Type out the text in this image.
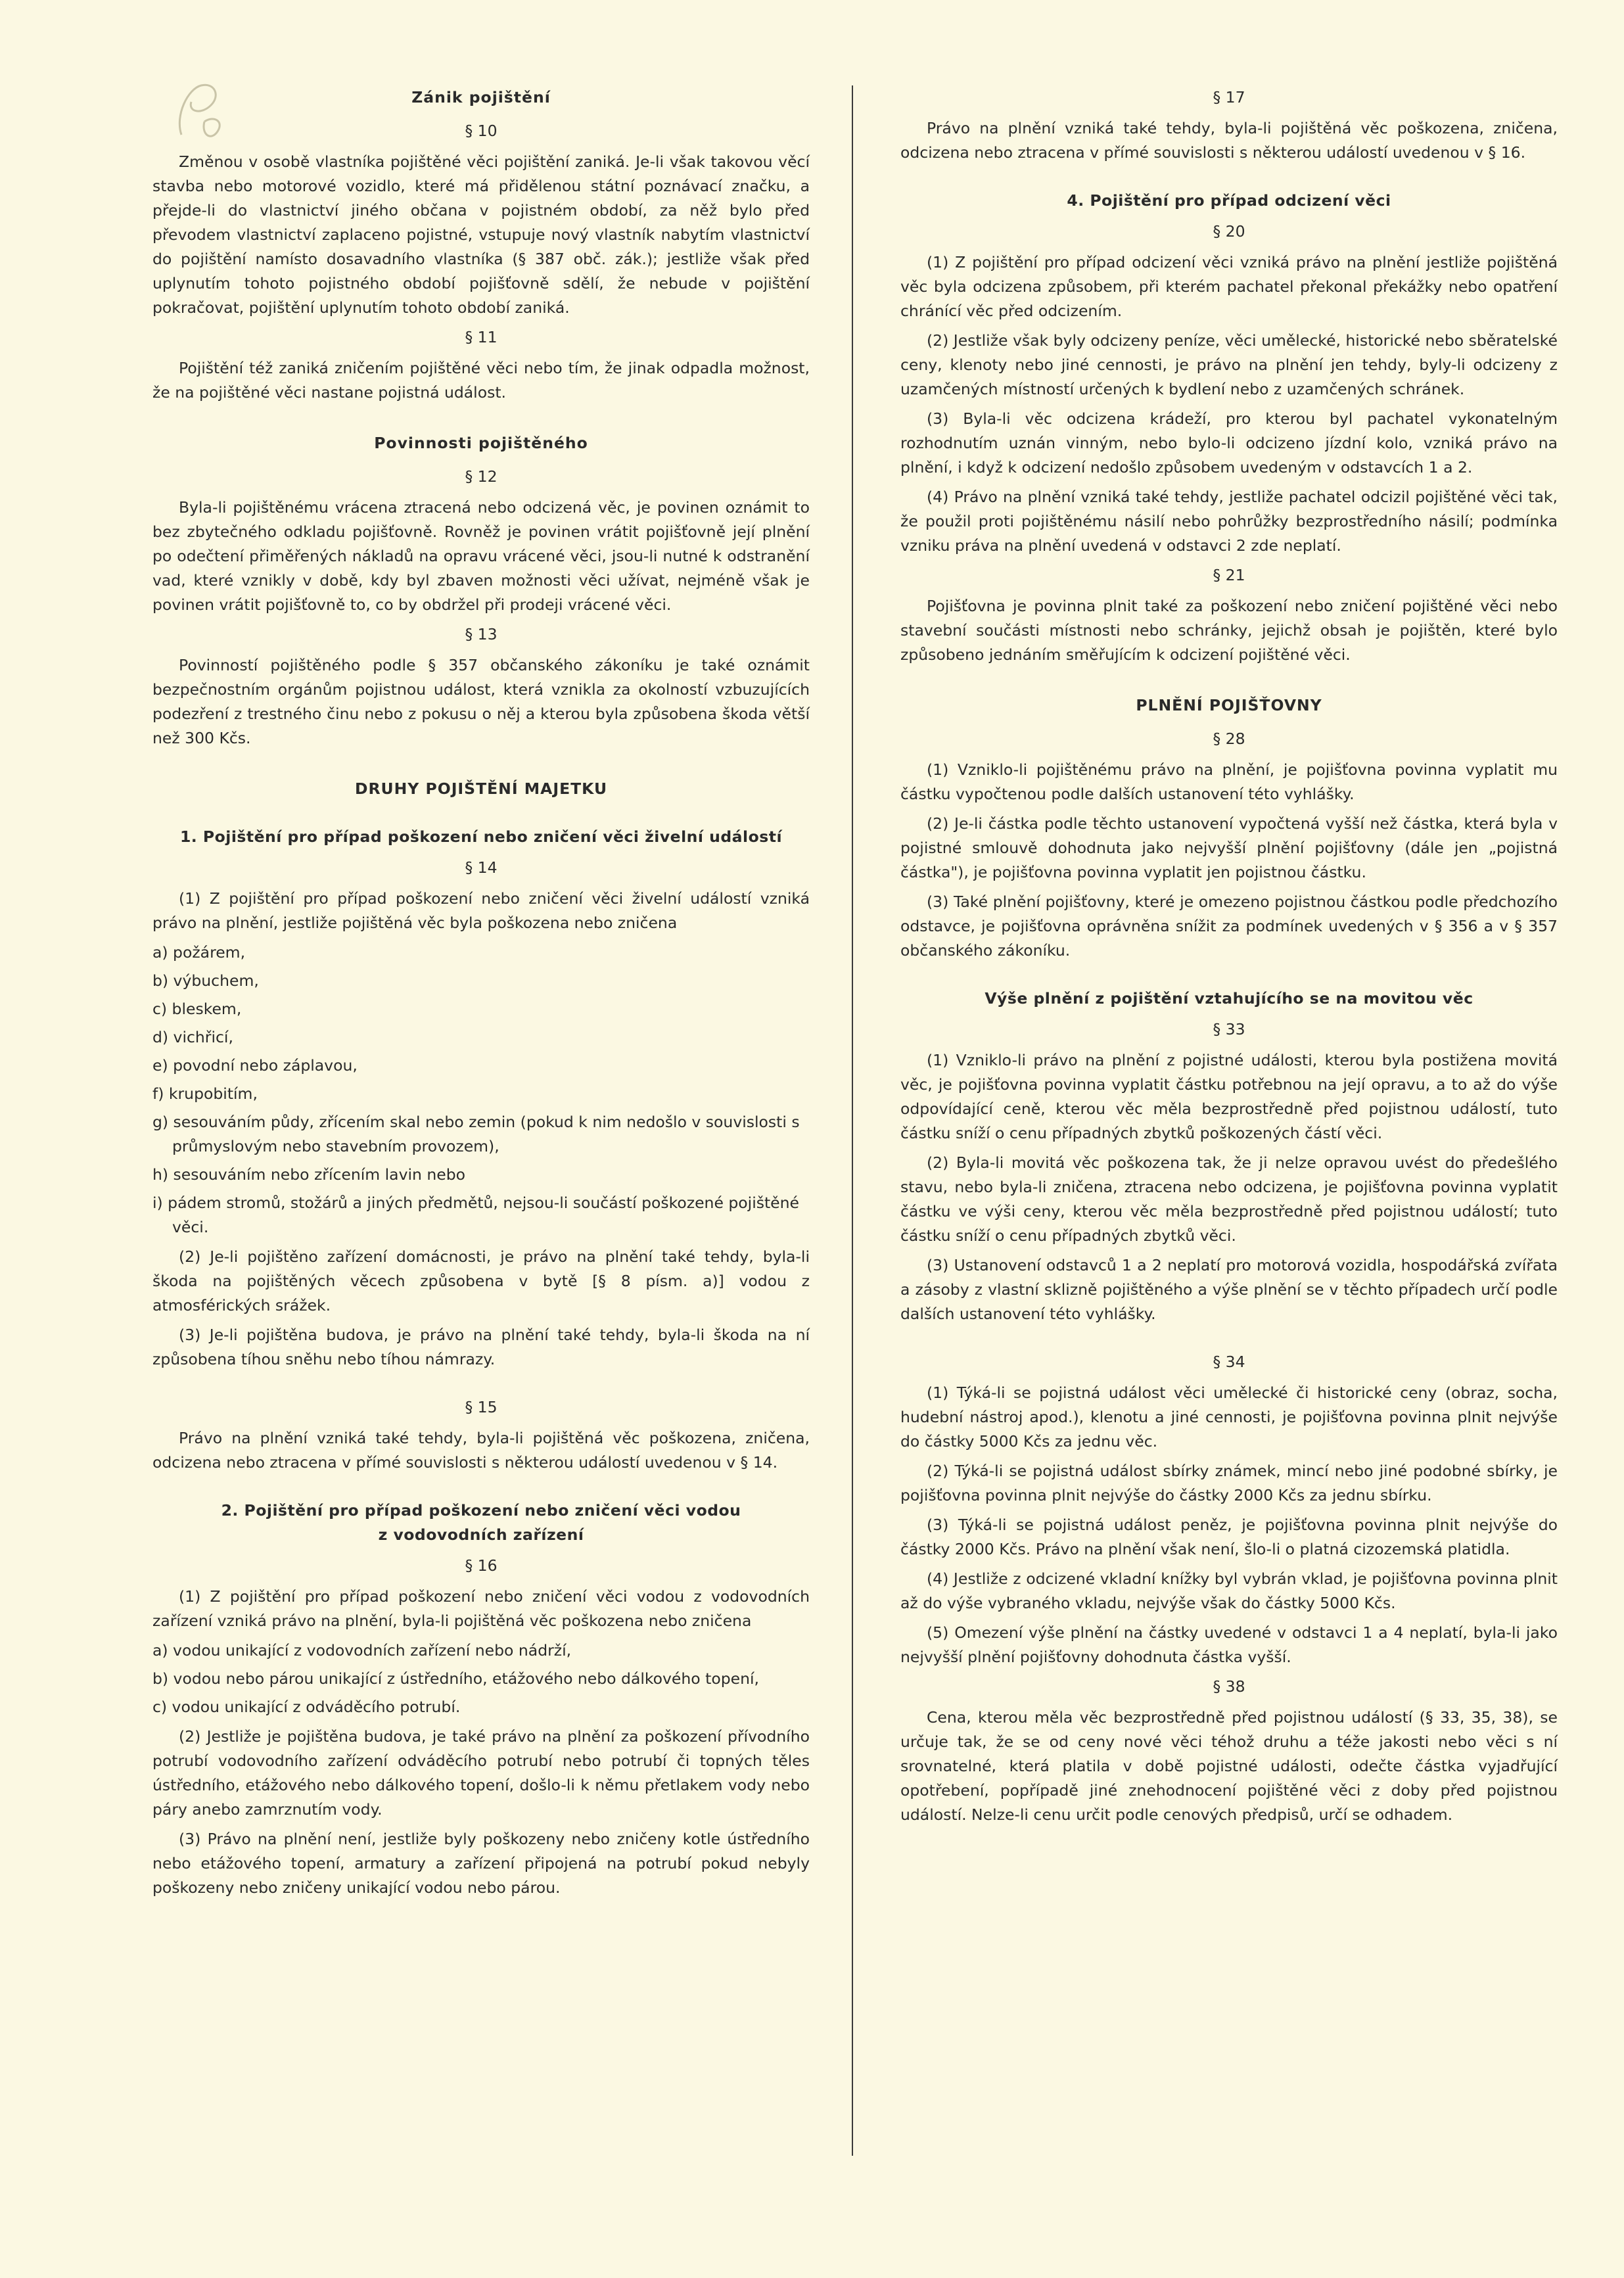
Zánik pojištění
§ 10

Změnou v osobě vlastníka pojištěné věci pojištění zaniká. Je-li však takovou věcí stavba nebo motorové vozidlo, které má přidělenou státní poznávací značku, a přejde-li do vlastnictví jiného občana v pojistném období, za něž bylo před převodem vlastnictví zaplaceno pojistné, vstupuje nový vlastník nabytím vlastnictví do pojištění namísto dosavadního vlastníka (§ 387 obč. zák.); jestliže však před uplynutím tohoto pojistného období pojišťovně sdělí, že nebude v pojištění pokračovat, pojištění uplynutím tohoto období zaniká.

§ 11

Pojištění též zaniká zničením pojištěné věci nebo tím, že jinak odpadla možnost, že na pojištěné věci nastane pojistná událost.

Povinnosti pojištěného
§ 12

Byla-li pojištěnému vrácena ztracená nebo odcizená věc, je povinen oznámit to bez zbytečného odkladu pojišťovně. Rovněž je povinen vrátit pojišťovně její plnění po odečtení přiměřených nákladů na opravu vrácené věci, jsou-li nutné k odstranění vad, které vznikly v době, kdy byl zbaven možnosti věci užívat, nejméně však je povinen vrátit pojišťovně to, co by obdržel při prodeji vrácené věci.

§ 13

Povinností pojištěného podle § 357 občanského zákoníku je také oznámit bezpečnostním orgánům pojistnou událost, která vznikla za okolností vzbuzujících podezření z trestného činu nebo z pokusu o něj a kterou byla způsobena škoda větší než 300 Kčs.

DRUHY POJIŠTĚNÍ MAJETKU
1. Pojištění pro případ poškození nebo zničení věci živelní událostí
§ 14

(1) Z pojištění pro případ poškození nebo zničení věci živelní událostí vzniká právo na plnění, jestliže pojištěná věc byla poškozena nebo zničena

a) požárem,
b) výbuchem,
c) bleskem,
d) vichřicí,
e) povodní nebo záplavou,
f) krupobitím,
g) sesouváním půdy, zřícením skal nebo zemin (pokud k nim nedošlo v souvislosti s průmyslovým nebo stavebním provozem),
h) sesouváním nebo zřícením lavin nebo
i) pádem stromů, stožárů a jiných předmětů, nejsou-li součástí poškozené pojištěné věci.

(2) Je-li pojištěno zařízení domácnosti, je právo na plnění také tehdy, byla-li škoda na pojištěných věcech způsobena v bytě [§ 8 písm. a)] vodou z atmosférických srážek.

(3) Je-li pojištěna budova, je právo na plnění také tehdy, byla-li škoda na ní způsobena tíhou sněhu nebo tíhou námrazy.

§ 15

Právo na plnění vzniká také tehdy, byla-li pojištěná věc poškozena, zničena, odcizena nebo ztracena v přímé souvislosti s některou událostí uvedenou v § 14.

2. Pojištění pro případ poškození nebo zničení věci vodou
z vodovodních zařízení
§ 16

(1) Z pojištění pro případ poškození nebo zničení věci vodou z vodovodních zařízení vzniká právo na plnění, byla-li pojištěná věc poškozena nebo zničena

a) vodou unikající z vodovodních zařízení nebo nádrží,
b) vodou nebo párou unikající z ústředního, etážového nebo dálkového topení,
c) vodou unikající z odváděcího potrubí.

(2) Jestliže je pojištěna budova, je také právo na plnění za poškození přívodního potrubí vodovodního zařízení odváděcího potrubí nebo potrubí či topných těles ústředního, etážového nebo dálkového topení, došlo-li k němu přetlakem vody nebo páry anebo zamrznutím vody.

(3) Právo na plnění není, jestliže byly poškozeny nebo zničeny kotle ústředního nebo etážového topení, armatury a zařízení připojená na potrubí pokud nebyly poškozeny nebo zničeny unikající vodou nebo párou.

§ 17

Právo na plnění vzniká také tehdy, byla-li pojištěná věc poškozena, zničena, odcizena nebo ztracena v přímé souvislosti s některou událostí uvedenou v § 16.

4. Pojištění pro případ odcizení věci
§ 20

(1) Z pojištění pro případ odcizení věci vzniká právo na plnění jestliže pojištěná věc byla odcizena způsobem, při kterém pachatel překonal překážky nebo opatření chránící věc před odcizením.

(2) Jestliže však byly odcizeny peníze, věci umělecké, historické nebo sběratelské ceny, klenoty nebo jiné cennosti, je právo na plnění jen tehdy, byly-li odcizeny z uzamčených místností určených k bydlení nebo z uzamčených schránek.

(3) Byla-li věc odcizena krádeží, pro kterou byl pachatel vykonatelným rozhodnutím uznán vinným, nebo bylo-li odcizeno jízdní kolo, vzniká právo na plnění, i když k odcizení nedošlo způsobem uvedeným v odstavcích 1 a 2.

(4) Právo na plnění vzniká také tehdy, jestliže pachatel odcizil pojištěné věci tak, že použil proti pojištěnému násilí nebo pohrůžky bezprostředního násilí; podmínka vzniku práva na plnění uvedená v odstavci 2 zde neplatí.

§ 21

Pojišťovna je povinna plnit také za poškození nebo zničení pojištěné věci nebo stavební součásti místnosti nebo schránky, jejichž obsah je pojištěn, které bylo způsobeno jednáním směřujícím k odcizení pojištěné věci.

PLNĚNÍ POJIŠŤOVNY
§ 28

(1) Vzniklo-li pojištěnému právo na plnění, je pojišťovna povinna vyplatit mu částku vypočtenou podle dalších ustanovení této vyhlášky.

(2) Je-li částka podle těchto ustanovení vypočtená vyšší než částka, která byla v pojistné smlouvě dohodnuta jako nejvyšší plnění pojišťovny (dále jen „pojistná částka"), je pojišťovna povinna vyplatit jen pojistnou částku.

(3) Také plnění pojišťovny, které je omezeno pojistnou částkou podle předchozího odstavce, je pojišťovna oprávněna snížit za podmínek uvedených v § 356 a v § 357 občanského zákoníku.

Výše plnění z pojištění vztahujícího se na movitou věc
§ 33

(1) Vzniklo-li právo na plnění z pojistné události, kterou byla postižena movitá věc, je pojišťovna povinna vyplatit částku potřebnou na její opravu, a to až do výše odpovídající ceně, kterou věc měla bezprostředně před pojistnou událostí, tuto částku sníží o cenu případných zbytků poškozených částí věci.

(2) Byla-li movitá věc poškozena tak, že ji nelze opravou uvést do předešlého stavu, nebo byla-li zničena, ztracena nebo odcizena, je pojišťovna povinna vyplatit částku ve výši ceny, kterou věc měla bezprostředně před pojistnou událostí; tuto částku sníží o cenu případných zbytků věci.

(3) Ustanovení odstavců 1 a 2 neplatí pro motorová vozidla, hospodářská zvířata a zásoby z vlastní sklizně pojištěného a výše plnění se v těchto případech určí podle dalších ustanovení této vyhlášky.

§ 34

(1) Týká-li se pojistná událost věci umělecké či historické ceny (obraz, socha, hudební nástroj apod.), klenotu a jiné cennosti, je pojišťovna povinna plnit nejvýše do částky 5000 Kčs za jednu věc.

(2) Týká-li se pojistná událost sbírky známek, mincí nebo jiné podobné sbírky, je pojišťovna povinna plnit nejvýše do částky 2000 Kčs za jednu sbírku.

(3) Týká-li se pojistná událost peněz, je pojišťovna povinna plnit nejvýše do částky 2000 Kčs. Právo na plnění však není, šlo-li o platná cizozemská platidla.

(4) Jestliže z odcizené vkladní knížky byl vybrán vklad, je pojišťovna povinna plnit až do výše vybraného vkladu, nejvýše však do částky 5000 Kčs.

(5) Omezení výše plnění na částky uvedené v odstavci 1 a 4 neplatí, byla-li jako nejvyšší plnění pojišťovny dohodnuta částka vyšší.

§ 38

Cena, kterou měla věc bezprostředně před pojistnou událostí (§ 33, 35, 38), se určuje tak, že se od ceny nové věci téhož druhu a téže jakosti nebo věci s ní srovnatelné, která platila v době pojistné události, odečte částka vyjadřující opotřebení, popřípadě jiné znehodnocení pojištěné věci z doby před pojistnou událostí. Nelze-li cenu určit podle cenových předpisů, určí se odhadem.
